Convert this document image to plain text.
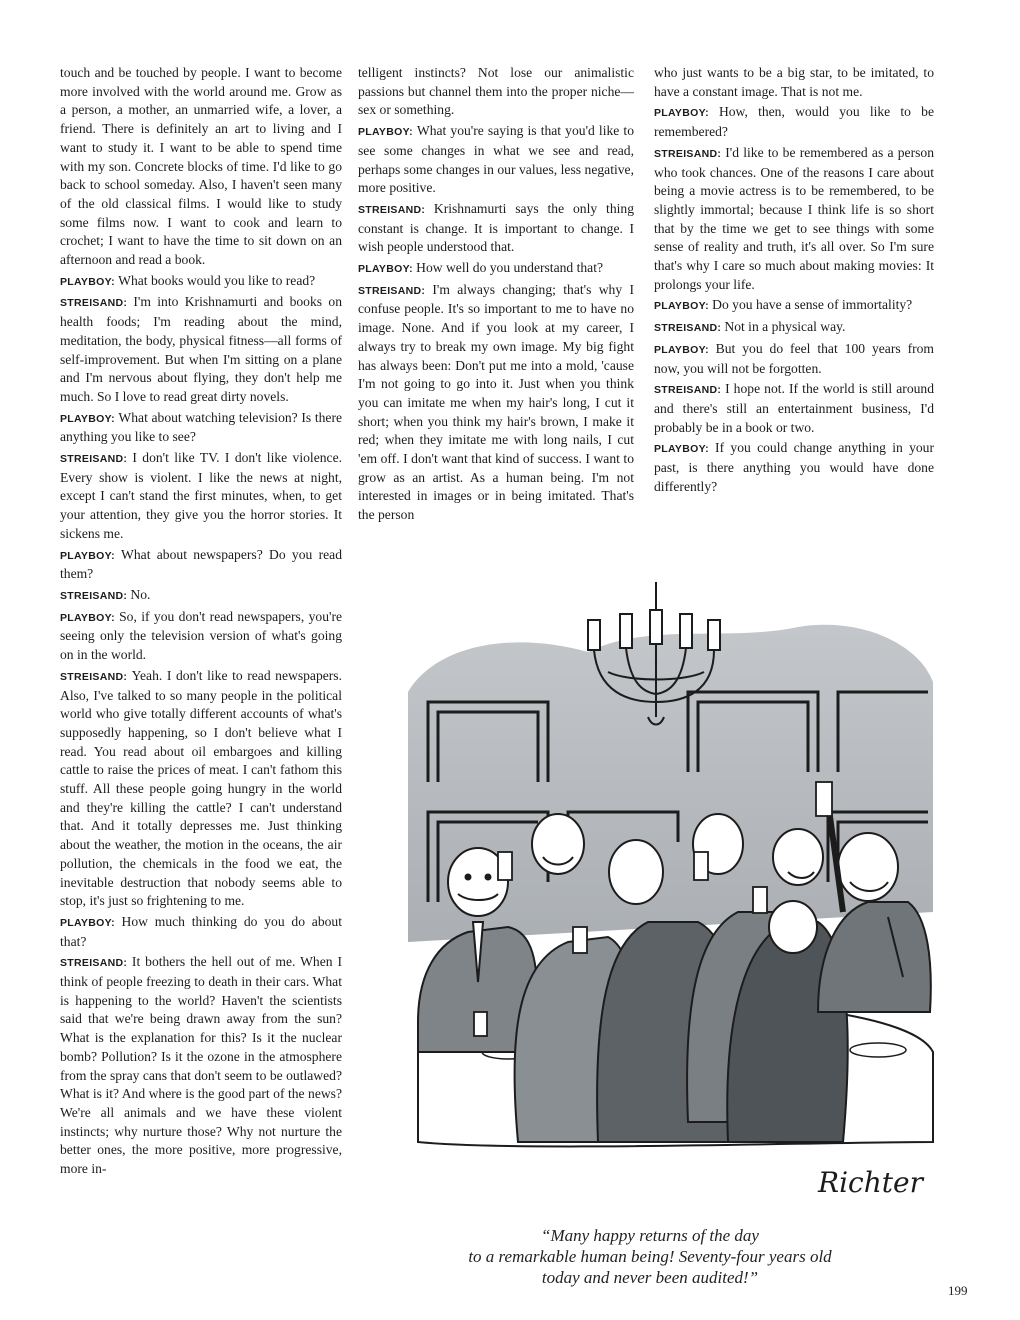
touch and be touched by people. I want to become more involved with the world around me. Grow as a person, a mother, an unmarried wife, a lover, a friend. There is definitely an art to living and I want to study it. I want to be able to spend time with my son. Concrete blocks of time. I'd like to go back to school someday. Also, I haven't seen many of the old classical films. I would like to study some films now. I want to cook and learn to crochet; I want to have the time to sit down on an afternoon and read a book.

PLAYBOY: What books would you like to read?

STREISAND: I'm into Krishnamurti and books on health foods; I'm reading about the mind, meditation, the body, physical fitness—all forms of self-improvement. But when I'm sitting on a plane and I'm nervous about flying, they don't help me much. So I love to read great dirty novels.

PLAYBOY: What about watching television? Is there anything you like to see?

STREISAND: I don't like TV. I don't like violence. Every show is violent. I like the news at night, except I can't stand the first minutes, when, to get your attention, they give you the horror stories. It sickens me.

PLAYBOY: What about newspapers? Do you read them?

STREISAND: No.

PLAYBOY: So, if you don't read newspapers, you're seeing only the television version of what's going on in the world.

STREISAND: Yeah. I don't like to read newspapers. Also, I've talked to so many people in the political world who give totally different accounts of what's supposedly happening, so I don't believe what I read. You read about oil embargoes and killing cattle to raise the prices of meat. I can't fathom this stuff. All these people going hungry in the world and they're killing the cattle? I can't understand that. And it totally depresses me. Just thinking about the weather, the motion in the oceans, the air pollution, the chemicals in the food we eat, the inevitable destruction that nobody seems able to stop, it's just so frightening to me.

PLAYBOY: How much thinking do you do about that?

STREISAND: It bothers the hell out of me. When I think of people freezing to death in their cars. What is happening to the world? Haven't the scientists said that we're being drawn away from the sun? What is the explanation for this? Is it the nuclear bomb? Pollution? Is it the ozone in the atmosphere from the spray cans that don't seem to be outlawed? What is it? And where is the good part of the news? We're all animals and we have these violent instincts; why nurture those? Why not nurture the better ones, the more positive, more progressive, more in-

telligent instincts? Not lose our animalistic passions but channel them into the proper niche—sex or something.

PLAYBOY: What you're saying is that you'd like to see some changes in what we see and read, perhaps some changes in our values, less negative, more positive.

STREISAND: Krishnamurti says the only thing constant is change. It is important to change. I wish people understood that.

PLAYBOY: How well do you understand that?

STREISAND: I'm always changing; that's why I confuse people. It's so important to me to have no image. None. And if you look at my career, I always try to break my own image. My big fight has always been: Don't put me into a mold, 'cause I'm not going to go into it. Just when you think you can imitate me when my hair's long, I cut it short; when you think my hair's brown, I make it red; when they imitate me with long nails, I cut 'em off. I don't want that kind of success. I want to grow as an artist. As a human being. I'm not interested in images or in being imitated. That's the person

who just wants to be a big star, to be imitated, to have a constant image. That is not me.

PLAYBOY: How, then, would you like to be remembered?

STREISAND: I'd like to be remembered as a person who took chances. One of the reasons I care about being a movie actress is to be remembered, to be slightly immortal; because I think life is so short that by the time we get to see things with some sense of reality and truth, it's all over. So I'm sure that's why I care so much about making movies: It prolongs your life.

PLAYBOY: Do you have a sense of immortality?

STREISAND: Not in a physical way.

PLAYBOY: But you do feel that 100 years from now, you will not be forgotten.

STREISAND: I hope not. If the world is still around and there's still an entertainment business, I'd probably be in a book or two.

PLAYBOY: If you could change anything in your past, is there anything you would have done differently?

Richter
“Many happy returns of the day
to a remarkable human being! Seventy-four years old
today and never been audited!”
199
